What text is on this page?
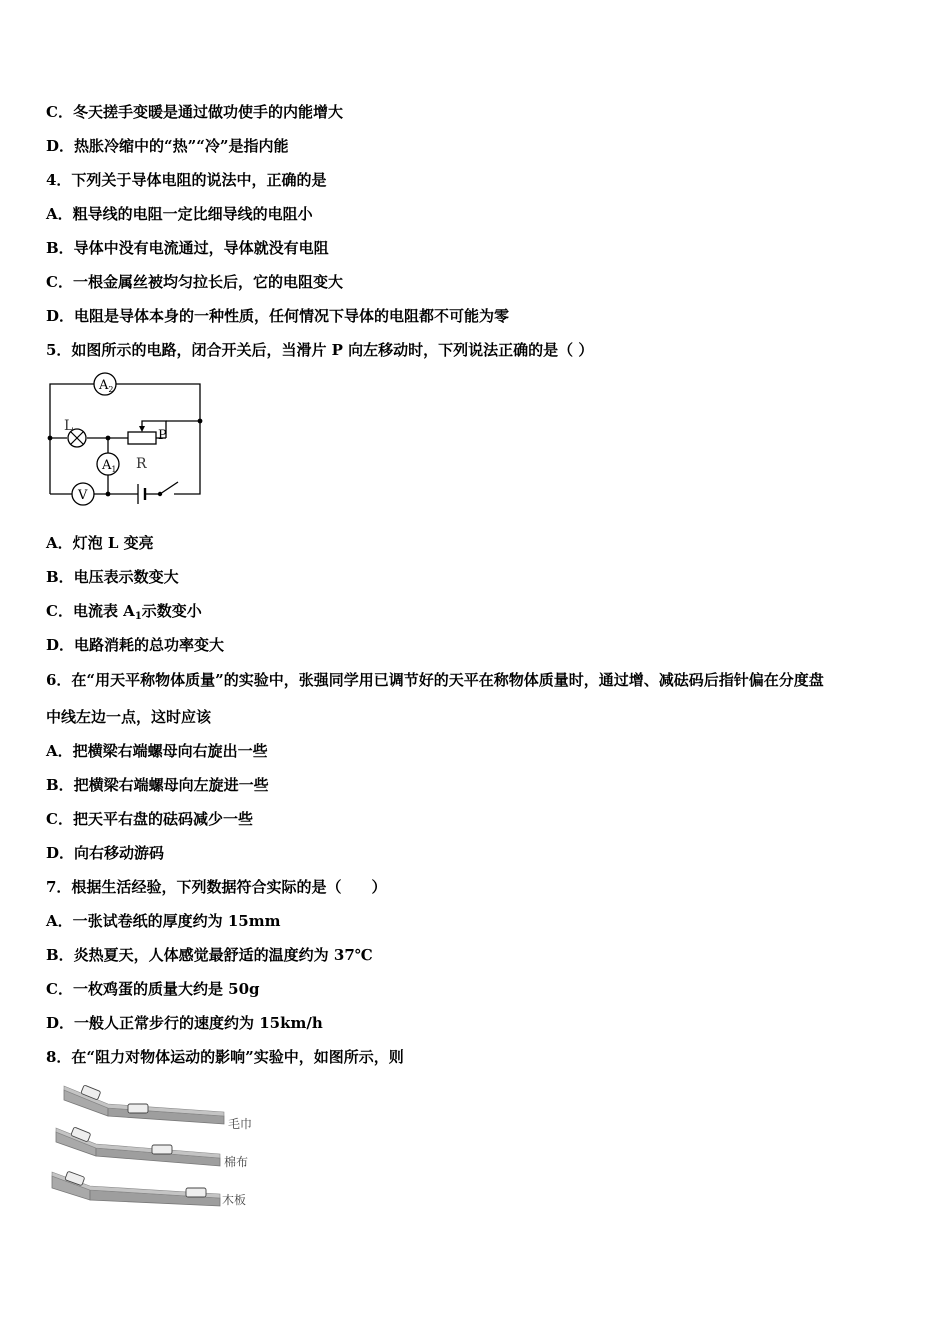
C．冬天搓手变暖是通过做功使手的内能增大
D．热胀冷缩中的“热”“冷”是指内能
4．下列关于导体电阻的说法中，正确的是
A．粗导线的电阻一定比细导线的电阻小
B．导体中没有电流通过，导体就没有电阻
C．一根金属丝被均匀拉长后，它的电阻变大
D．电阻是导体本身的一种性质，任何情况下导体的电阻都不可能为零
5．如图所示的电路，闭合开关后，当滑片 P 向左移动时，下列说法正确的是（ ）
$A_2$
$A_1$
V
L
P
R
A．灯泡 L 变亮
B．电压表示数变大
C．电流表 $A_1$示数变小
D．电路消耗的总功率变大
6．在“用天平称物体质量”的实验中，张强同学用已调节好的天平在称物体质量时，通过增、减砝码后指针偏在分度盘
中线左边一点，这时应该
A．把横梁右端螺母向右旋出一些
B．把横梁右端螺母向左旋进一些
C．把天平右盘的砝码减少一些
D．向右移动游码
7．根据生活经验，下列数据符合实际的是（　　）
A．一张试卷纸的厚度约为 15mm
B．炎热夏天，人体感觉最舒适的温度约为 37℃
C．一枚鸡蛋的质量大约是 50g
D．一般人正常步行的速度约为 15km/h
8．在“阻力对物体运动的影响”实验中，如图所示，则
毛巾
棉布
木板
